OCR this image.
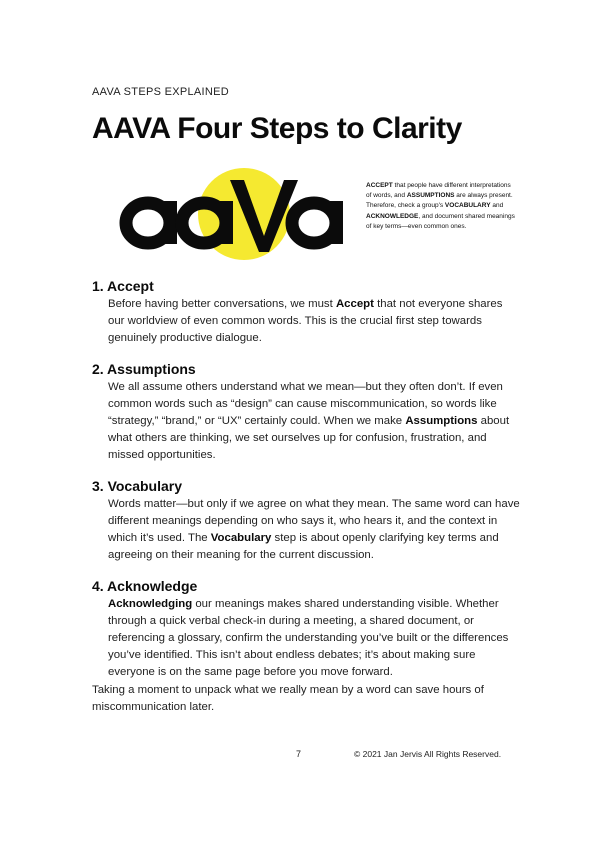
AAVA STEPS EXPLAINED
AAVA Four Steps to Clarity
ACCEPT that people have different interpretations of words, and ASSUMPTIONS are always present. Therefore, check a group's VOCABULARY and ACKNOWLEDGE, and document shared meanings of key terms—even common ones.
1. Accept
Before having better conversations, we must Accept that not everyone shares our worldview of even common words. This is the crucial first step towards genuinely productive dialogue.
2. Assumptions
We all assume others understand what we mean—but they often don’t. If even common words such as “design” can cause miscommunication, so words like “strategy,” “brand,” or “UX” certainly could. When we make Assumptions about what others are thinking, we set ourselves up for confusion, frustration, and missed opportunities.
3. Vocabulary
Words matter—but only if we agree on what they mean. The same word can have different meanings depending on who says it, who hears it, and the context in which it’s used. The Vocabulary step is about openly clarifying key terms and agreeing on their meaning for the current discussion.
4. Acknowledge
Acknowledging our meanings makes shared understanding visible. Whether through a quick verbal check-in during a meeting, a shared document, or referencing a glossary, confirm the understanding you’ve built or the differences you’ve identified. This isn’t about endless debates; it’s about making sure everyone is on the same page before you move forward.
Taking a moment to unpack what we really mean by a word can save hours of miscommunication later.
7	© 2021 Jan Jervis All Rights Reserved.
